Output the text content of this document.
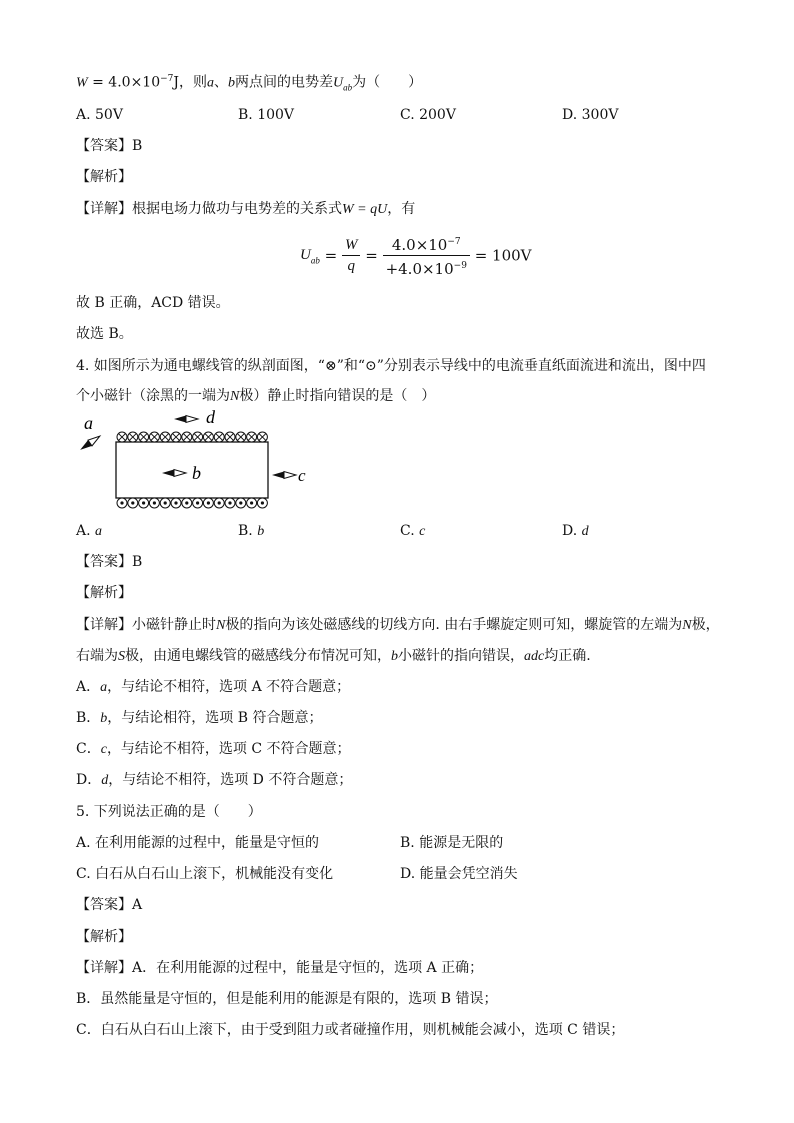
$W = 4.0\times 10^{-7}J$，则a、b两点间的电势差$U_{ab}$为（　　）
A. 50V	B. 100V	C. 200V	D. 300V
【答案】B
【解析】
【详解】根据电场力做功与电势差的关系式W = qU，有
$U_{ab} = \frac{W}{q} = \frac{4.0\times 10^{-7}}{+4.0\times 10^{-9}} = 100V$
故 B 正确，ACD 错误。
故选 B。
4. 如图所示为通电螺线管的纵剖面图，“⊗”和“⊙”分别表示导线中的电流垂直纸面流进和流出，图中四
个小磁针（涂黑的一端为N极）静止时指向错误的是（　）
a	d
b	c
A. a	B. b	C. c	D. d
【答案】B
【解析】
【详解】小磁针静止时N极的指向为该处磁感线的切线方向. 由右手螺旋定则可知，螺旋管的左端为N极，
右端为S极，由通电螺线管的磁感线分布情况可知，b小磁针的指向错误，adc均正确.
A．a，与结论不相符，选项 A 不符合题意；
B．b，与结论相符，选项 B 符合题意；
C．c，与结论不相符，选项 C 不符合题意；
D．d，与结论不相符，选项 D 不符合题意；
5. 下列说法正确的是（　　）
A. 在利用能源的过程中，能量是守恒的	B. 能源是无限的
C. 白石从白石山上滚下，机械能没有变化	D. 能量会凭空消失
【答案】A
【解析】
【详解】A．在利用能源的过程中，能量是守恒的，选项 A 正确；
B．虽然能量是守恒的，但是能利用的能源是有限的，选项 B 错误；
C．白石从白石山上滚下，由于受到阻力或者碰撞作用，则机械能会减小，选项 C 错误；
